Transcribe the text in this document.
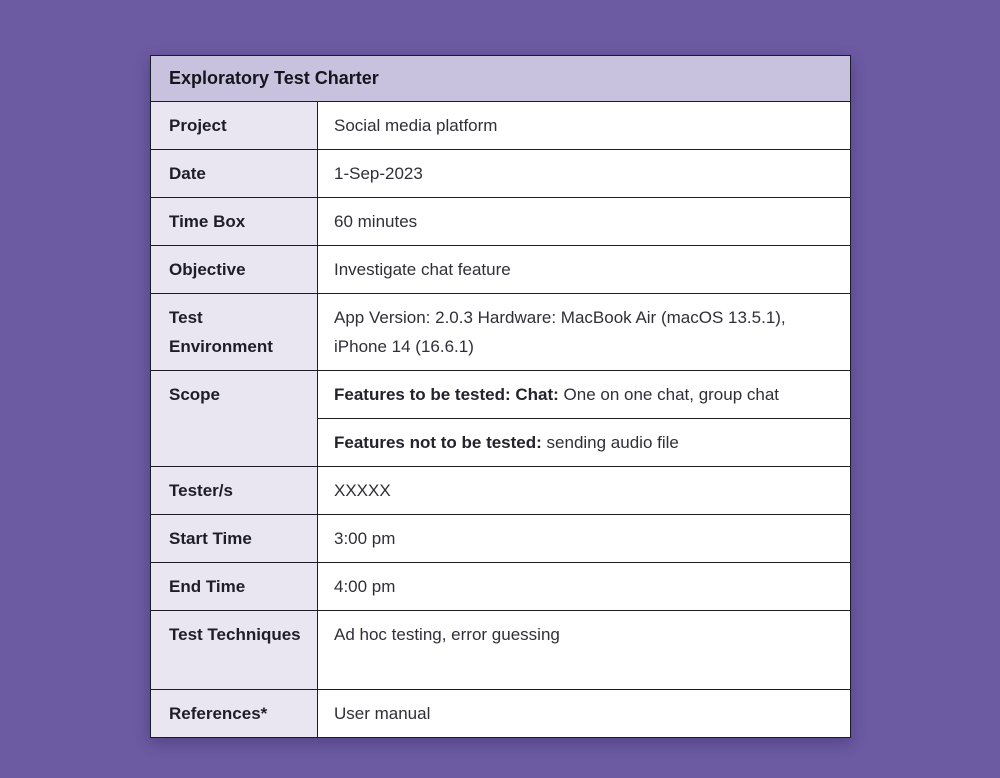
Exploratory Test Charter	
Project	Social media platform
Date	1-Sep-2023
Time Box	60 minutes
Objective	Investigate chat feature
Test Environment	App Version: 2.0.3 Hardware: MacBook Air (macOS 13.5.1), iPhone 14 (16.6.1)
Scope	Features to be tested: Chat: One on one chat, group chat
	Features not to be tested: sending audio file
Tester/s	XXXXX
Start Time	3:00 pm
End Time	4:00 pm
Test Techniques	Ad hoc testing, error guessing
References*	User manual
